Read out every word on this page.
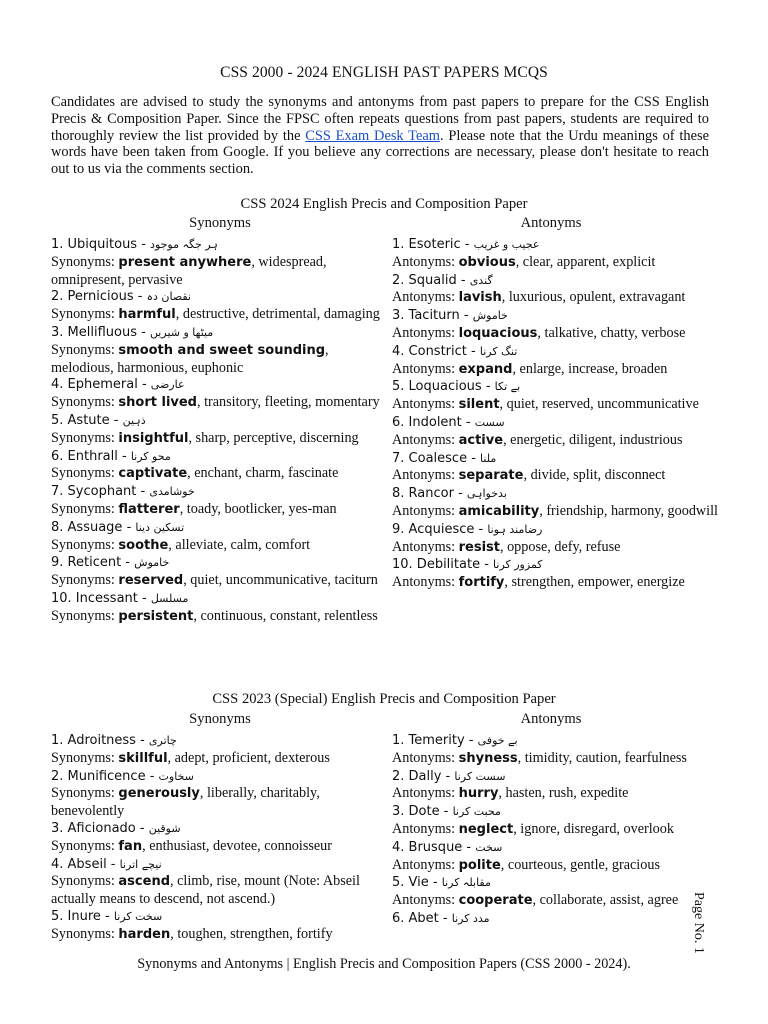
CSS 2000 - 2024 ENGLISH PAST PAPERS MCQS
Candidates are advised to study the synonyms and antonyms from past papers to prepare for the CSS English Precis & Composition Paper. Since the FPSC often repeats questions from past papers, students are required to thoroughly review the list provided by the CSS Exam Desk Team. Please note that the Urdu meanings of these words have been taken from Google. If you believe any corrections are necessary, please don't hesitate to reach out to us via the comments section.
CSS 2024 English Precis and Composition Paper
Synonyms	Antonyms
1. Ubiquitous - ہر جگہ موجود
Synonyms: present anywhere, widespread, omnipresent, pervasive
2. Pernicious - نقصان دہ
Synonyms: harmful, destructive, detrimental, damaging
3. Mellifluous - میٹھا و شیریں
Synonyms: smooth and sweet sounding, melodious, harmonious, euphonic
4. Ephemeral - عارضی
Synonyms: short lived, transitory, fleeting, momentary
5. Astute - ذہین
Synonyms: insightful, sharp, perceptive, discerning
6. Enthrall - محو کرنا
Synonyms: captivate, enchant, charm, fascinate
7. Sycophant - خوشامدی
Synonyms: flatterer, toady, bootlicker, yes-man
8. Assuage - تسکین دینا
Synonyms: soothe, alleviate, calm, comfort
9. Reticent - خاموش
Synonyms: reserved, quiet, uncommunicative, taciturn
10. Incessant - مسلسل
Synonyms: persistent, continuous, constant, relentless
1. Esoteric - عجیب و غریب
Antonyms: obvious, clear, apparent, explicit
2. Squalid - گندی
Antonyms: lavish, luxurious, opulent, extravagant
3. Taciturn - خاموش
Antonyms: loquacious, talkative, chatty, verbose
4. Constrict - تنگ کرنا
Antonyms: expand, enlarge, increase, broaden
5. Loquacious - بے تکا
Antonyms: silent, quiet, reserved, uncommunicative
6. Indolent - سست
Antonyms: active, energetic, diligent, industrious
7. Coalesce - ملنا
Antonyms: separate, divide, split, disconnect
8. Rancor - بدخواہی
Antonyms: amicability, friendship, harmony, goodwill
9. Acquiesce - رضامند ہونا
Antonyms: resist, oppose, defy, refuse
10. Debilitate - کمزور کرنا
Antonyms: fortify, strengthen, empower, energize
CSS 2023 (Special) English Precis and Composition Paper
Synonyms	Antonyms
1. Adroitness - چاتری
Synonyms: skillful, adept, proficient, dexterous
2. Munificence - سخاوت
Synonyms: generously, liberally, charitably, benevolently
3. Aficionado - شوقین
Synonyms: fan, enthusiast, devotee, connoisseur
4. Abseil - نیچے اترنا
Synonyms: ascend, climb, rise, mount (Note: Abseil actually means to descend, not ascend.)
5. Inure - سخت کرنا
Synonyms: harden, toughen, strengthen, fortify
1. Temerity - بے خوفی
Antonyms: shyness, timidity, caution, fearfulness
2. Dally - سست کرنا
Antonyms: hurry, hasten, rush, expedite
3. Dote - محبت کرنا
Antonyms: neglect, ignore, disregard, overlook
4. Brusque - سخت
Antonyms: polite, courteous, gentle, gracious
5. Vie - مقابلہ کرنا
Antonyms: cooperate, collaborate, assist, agree
6. Abet - مدد کرنا
Synonyms and Antonyms | English Precis and Composition Papers (CSS 2000 - 2024).
Page No. 1
